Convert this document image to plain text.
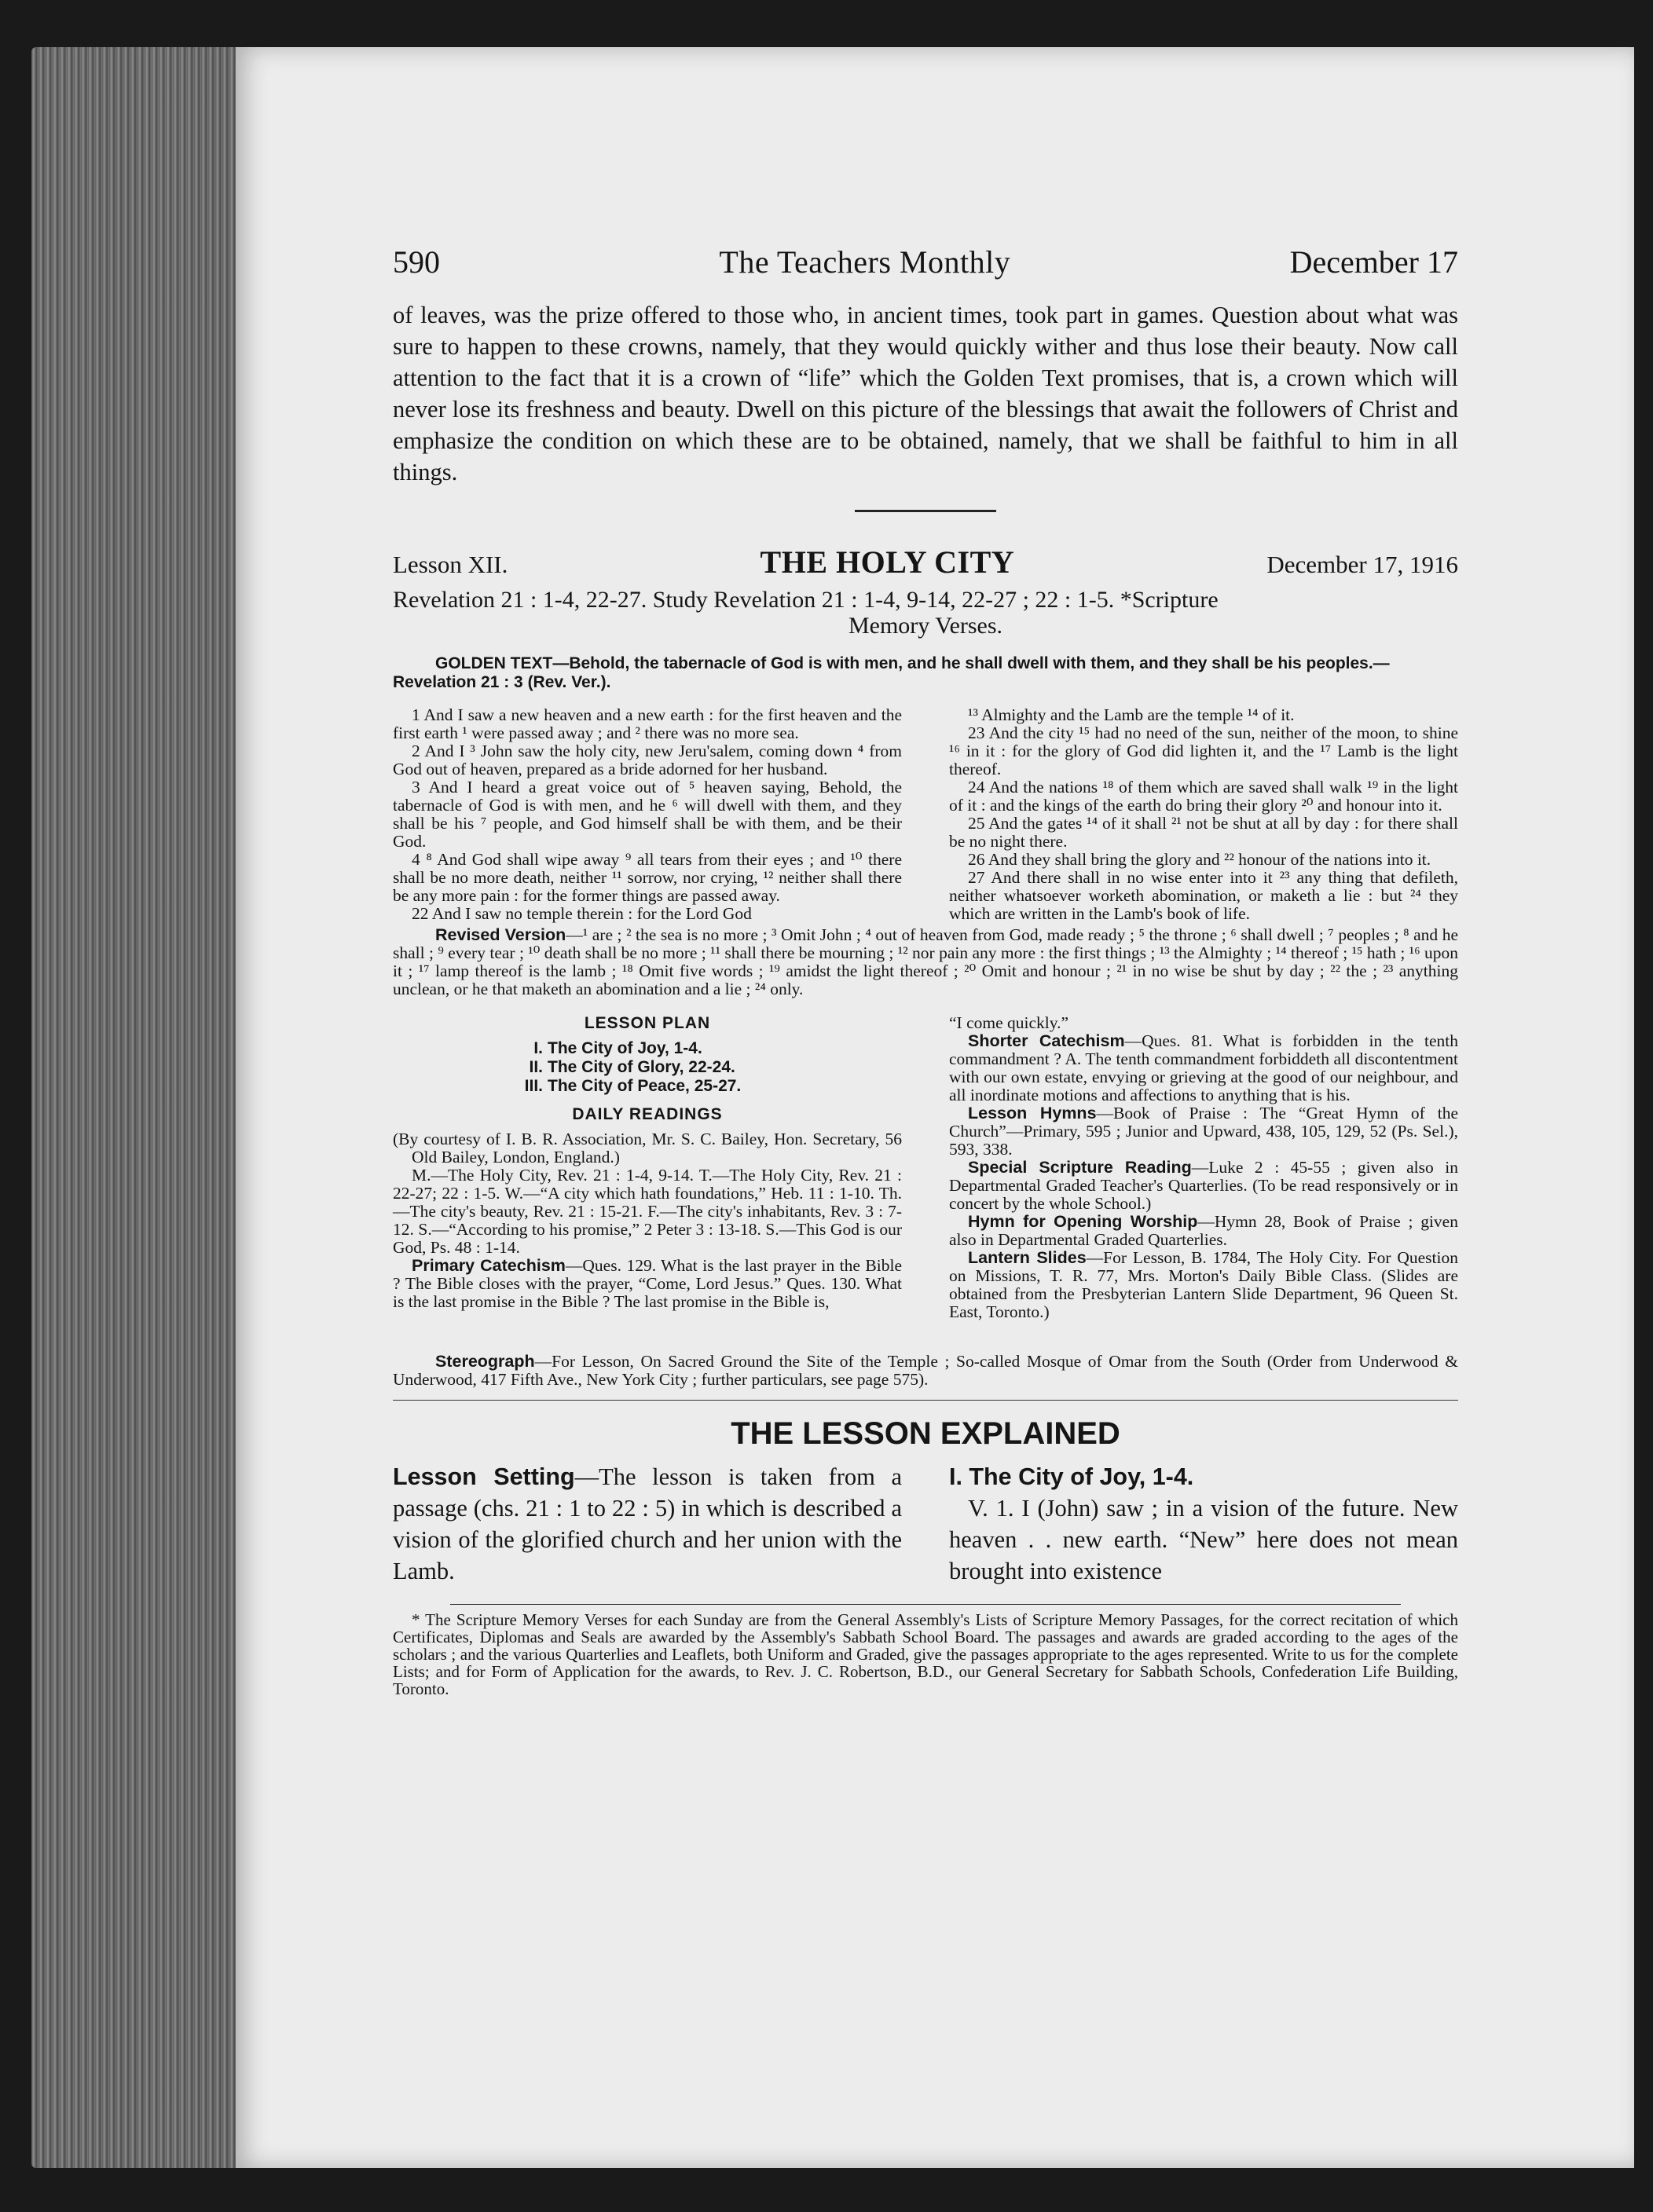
590	The Teachers Monthly	December 17

of leaves, was the prize offered to those who, in ancient times, took part in games. Question about what was sure to happen to these crowns, namely, that they would quickly wither and thus lose their beauty. Now call attention to the fact that it is a crown of “life” which the Golden Text promises, that is, a crown which will never lose its freshness and beauty. Dwell on this picture of the blessings that await the followers of Christ and emphasize the condition on which these are to be obtained, namely, that we shall be faithful to him in all things.

Lesson XII.	THE HOLY CITY	December 17, 1916
Revelation 21 : 1-4, 22-27. Study Revelation 21 : 1-4, 9-14, 22-27 ; 22 : 1-5. *Scripture
Memory Verses.

GOLDEN TEXT—Behold, the tabernacle of God is with men, and he shall dwell with them, and they shall be his peoples.—Revelation 21 : 3 (Rev. Ver.).

1 And I saw a new heaven and a new earth : for the first heaven and the first earth ¹ were passed away ; and ² there was no more sea.

2 And I ³ John saw the holy city, new Jeru'salem, coming down ⁴ from God out of heaven, prepared as a bride adorned for her husband.

3 And I heard a great voice out of ⁵ heaven saying, Behold, the tabernacle of God is with men, and he ⁶ will dwell with them, and they shall be his ⁷ people, and God himself shall be with them, and be their God.

4 ⁸ And God shall wipe away ⁹ all tears from their eyes ; and ¹⁰ there shall be no more death, neither ¹¹ sorrow, nor crying, ¹² neither shall there be any more pain : for the former things are passed away.

22 And I saw no temple therein : for the Lord God

¹³ Almighty and the Lamb are the temple ¹⁴ of it.

23 And the city ¹⁵ had no need of the sun, neither of the moon, to shine ¹⁶ in it : for the glory of God did lighten it, and the ¹⁷ Lamb is the light thereof.

24 And the nations ¹⁸ of them which are saved shall walk ¹⁹ in the light of it : and the kings of the earth do bring their glory ²⁰ and honour into it.

25 And the gates ¹⁴ of it shall ²¹ not be shut at all by day : for there shall be no night there.

26 And they shall bring the glory and ²² honour of the nations into it.

27 And there shall in no wise enter into it ²³ any thing that defileth, neither whatsoever worketh abomination, or maketh a lie : but ²⁴ they which are written in the Lamb's book of life.

Revised Version—¹ are ; ² the sea is no more ; ³ Omit John ; ⁴ out of heaven from God, made ready ; ⁵ the throne ; ⁶ shall dwell ; ⁷ peoples ; ⁸ and he shall ; ⁹ every tear ; ¹⁰ death shall be no more ; ¹¹ shall there be mourning ; ¹² nor pain any more : the first things ; ¹³ the Almighty ; ¹⁴ thereof ; ¹⁵ hath ; ¹⁶ upon it ; ¹⁷ lamp thereof is the lamb ; ¹⁸ Omit five words ; ¹⁹ amidst the light thereof ; ²⁰ Omit and honour ; ²¹ in no wise be shut by day ; ²² the ; ²³ anything unclean, or he that maketh an abomination and a lie ; ²⁴ only.

LESSON PLAN
I. The City of Joy, 1-4.
II. The City of Glory, 22-24.
III. The City of Peace, 25-27.
DAILY READINGS

(By courtesy of I. B. R. Association, Mr. S. C. Bailey, Hon. Secretary, 56 Old Bailey, London, England.)

M.—The Holy City, Rev. 21 : 1-4, 9-14. T.—The Holy City, Rev. 21 : 22-27; 22 : 1-5. W.—“A city which hath foundations,” Heb. 11 : 1-10. Th.—The city's beauty, Rev. 21 : 15-21. F.—The city's inhabitants, Rev. 3 : 7-12. S.—“According to his promise,” 2 Peter 3 : 13-18. S.—This God is our God, Ps. 48 : 1-14.

Primary Catechism—Ques. 129. What is the last prayer in the Bible ? The Bible closes with the prayer, “Come, Lord Jesus.” Ques. 130. What is the last promise in the Bible ? The last promise in the Bible is,

“I come quickly.”

Shorter Catechism—Ques. 81. What is forbidden in the tenth commandment ? A. The tenth commandment forbiddeth all discontentment with our own estate, envying or grieving at the good of our neighbour, and all inordinate motions and affections to anything that is his.

Lesson Hymns—Book of Praise : The “Great Hymn of the Church”—Primary, 595 ; Junior and Upward, 438, 105, 129, 52 (Ps. Sel.), 593, 338.

Special Scripture Reading—Luke 2 : 45-55 ; given also in Departmental Graded Teacher's Quarterlies. (To be read responsively or in concert by the whole School.)

Hymn for Opening Worship—Hymn 28, Book of Praise ; given also in Departmental Graded Quarterlies.

Lantern Slides—For Lesson, B. 1784, The Holy City. For Question on Missions, T. R. 77, Mrs. Morton's Daily Bible Class. (Slides are obtained from the Presbyterian Lantern Slide Department, 96 Queen St. East, Toronto.)

Stereograph—For Lesson, On Sacred Ground the Site of the Temple ; So-called Mosque of Omar from the South (Order from Underwood & Underwood, 417 Fifth Ave., New York City ; further particulars, see page 575).

THE LESSON EXPLAINED

Lesson Setting—The lesson is taken from a passage (chs. 21 : 1 to 22 : 5) in which is described a vision of the glorified church and her union with the Lamb.

I. The City of Joy, 1-4.

V. 1. I (John) saw ; in a vision of the future. New heaven . . new earth. “New” here does not mean brought into existence

* The Scripture Memory Verses for each Sunday are from the General Assembly's Lists of Scripture Memory Passages, for the correct recitation of which Certificates, Diplomas and Seals are awarded by the Assembly's Sabbath School Board. The passages and awards are graded according to the ages of the scholars ; and the various Quarterlies and Leaflets, both Uniform and Graded, give the passages appropriate to the ages represented. Write to us for the complete Lists; and for Form of Application for the awards, to Rev. J. C. Robertson, B.D., our General Secretary for Sabbath Schools, Confederation Life Building, Toronto.
